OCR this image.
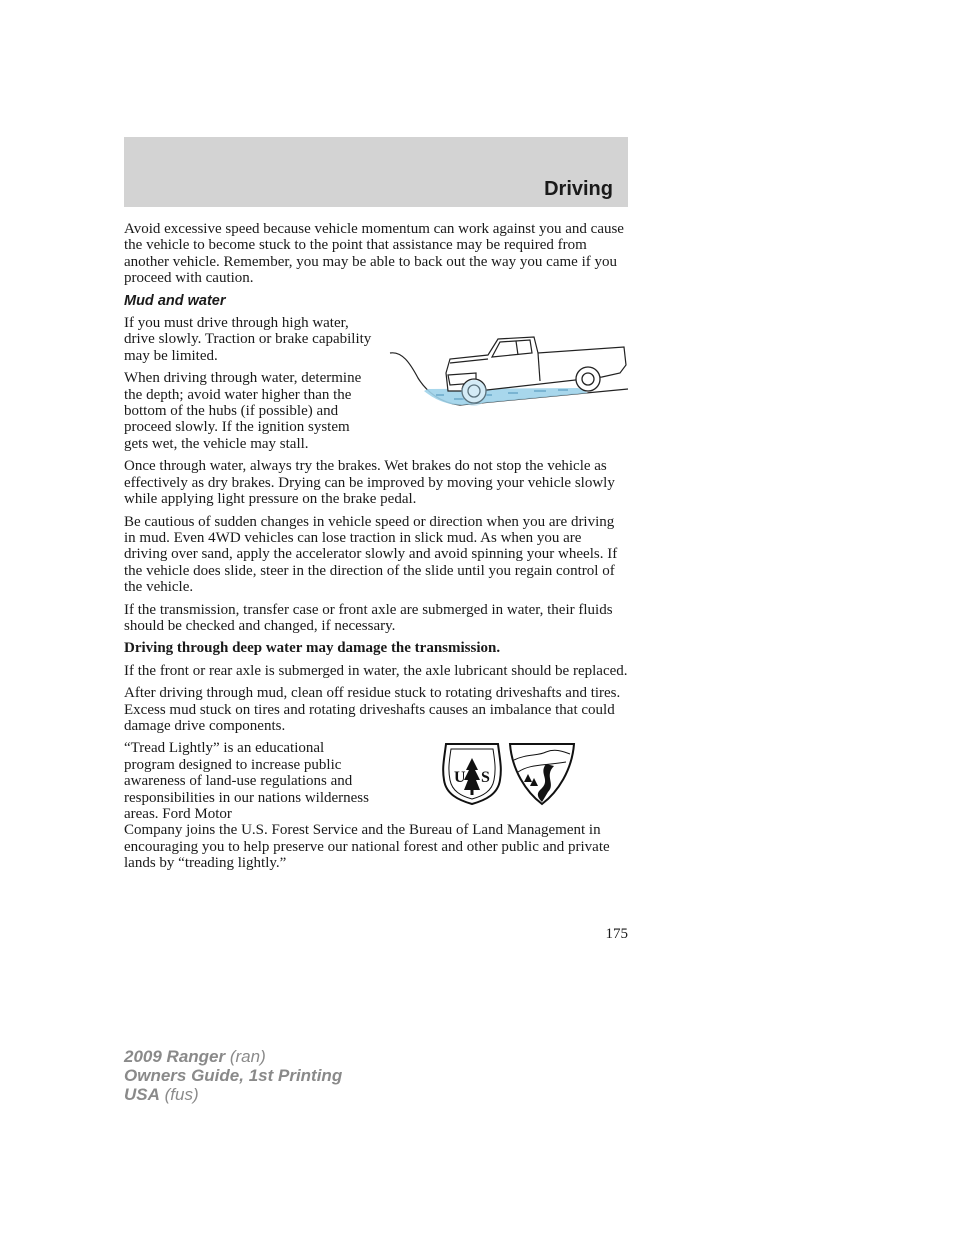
Driving

Avoid excessive speed because vehicle momentum can work against you and cause the vehicle to become stuck to the point that assistance may be required from another vehicle. Remember, you may be able to back out the way you came if you proceed with caution.

Mud and water

If you must drive through high water, drive slowly. Traction or brake capability may be limited.

When driving through water, determine the depth; avoid water higher than the bottom of the hubs (if possible) and proceed slowly. If the ignition system gets wet, the vehicle may stall.

Once through water, always try the brakes. Wet brakes do not stop the vehicle as effectively as dry brakes. Drying can be improved by moving your vehicle slowly while applying light pressure on the brake pedal.

Be cautious of sudden changes in vehicle speed or direction when you are driving in mud. Even 4WD vehicles can lose traction in slick mud. As when you are driving over sand, apply the accelerator slowly and avoid spinning your wheels. If the vehicle does slide, steer in the direction of the slide until you regain control of the vehicle.

If the transmission, transfer case or front axle are submerged in water, their fluids should be checked and changed, if necessary.

Driving through deep water may damage the transmission.

If the front or rear axle is submerged in water, the axle lubricant should be replaced.

After driving through mud, clean off residue stuck to rotating driveshafts and tires. Excess mud stuck on tires and rotating driveshafts causes an imbalance that could damage drive components.

“Tread Lightly” is an educational program designed to increase public awareness of land-use regulations and responsibilities in our nations wilderness areas. Ford Motor
U S
Company joins the U.S. Forest Service and the Bureau of Land Management in encouraging you to help preserve our national forest and other public and private lands by “treading lightly.”
175
2009 Ranger (ran)
Owners Guide, 1st Printing
USA (fus)
